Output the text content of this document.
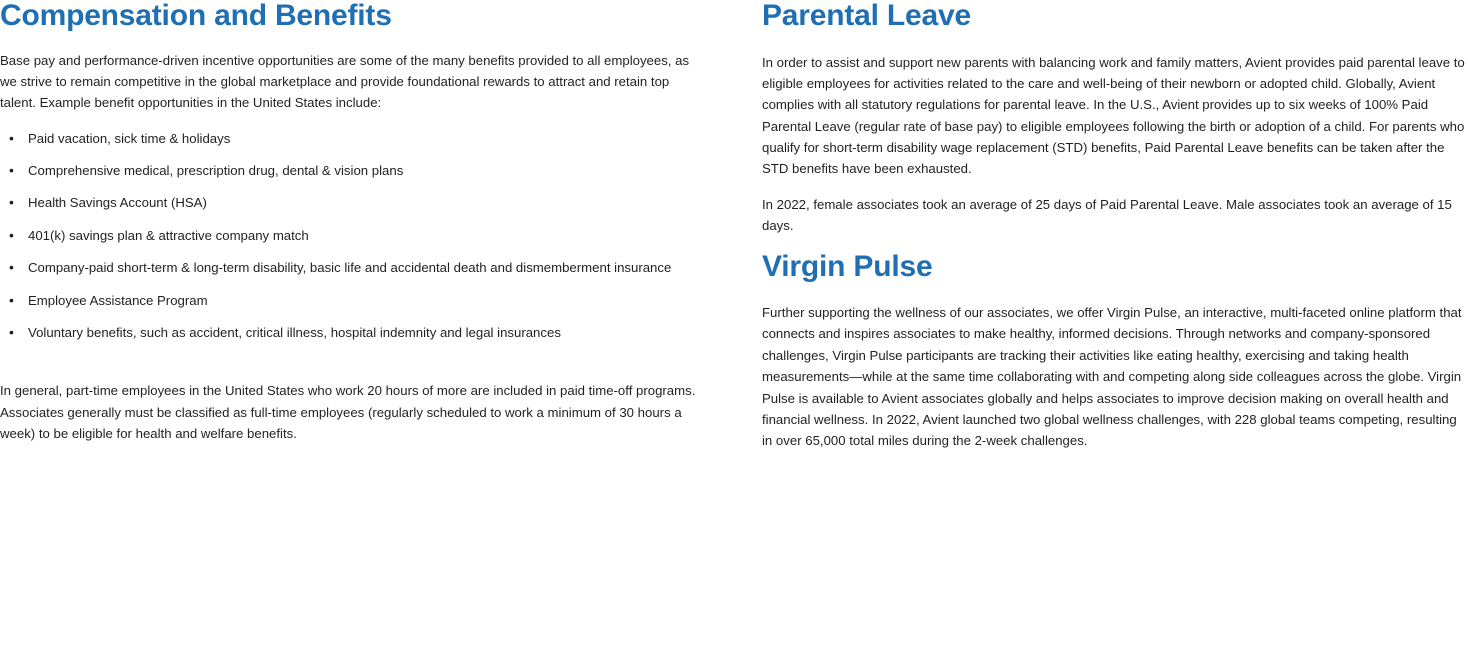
Compensation and Benefits

Base pay and performance-driven incentive opportunities are some of the many benefits provided to all employees, as we strive to remain competitive in the global marketplace and provide foundational rewards to attract and retain top talent. Example benefit opportunities in the United States include:

• Paid vacation, sick time & holidays
• Comprehensive medical, prescription drug, dental & vision plans
• Health Savings Account (HSA)
• 401(k) savings plan & attractive company match
• Company-paid short-term & long-term disability, basic life and accidental death and dismemberment insurance
• Employee Assistance Program
• Voluntary benefits, such as accident, critical illness, hospital indemnity and legal insurances

In general, part-time employees in the United States who work 20 hours of more are included in paid time-off programs. Associates generally must be classified as full-time employees (regularly scheduled to work a minimum of 30 hours a week) to be eligible for health and welfare benefits.

Parental Leave

In order to assist and support new parents with balancing work and family matters, Avient provides paid parental leave to eligible employees for activities related to the care and well-being of their newborn or adopted child. Globally, Avient complies with all statutory regulations for parental leave. In the U.S., Avient provides up to six weeks of 100% Paid Parental Leave (regular rate of base pay) to eligible employees following the birth or adoption of a child. For parents who qualify for short-term disability wage replacement (STD) benefits, Paid Parental Leave benefits can be taken after the STD benefits have been exhausted.

In 2022, female associates took an average of 25 days of Paid Parental Leave. Male associates took an average of 15 days.

Virgin Pulse

Further supporting the wellness of our associates, we offer Virgin Pulse, an interactive, multi-faceted online platform that connects and inspires associates to make healthy, informed decisions. Through networks and company-sponsored challenges, Virgin Pulse participants are tracking their activities like eating healthy, exercising and taking health measurements—while at the same time collaborating with and competing along side colleagues across the globe. Virgin Pulse is available to Avient associates globally and helps associates to improve decision making on overall health and financial wellness. In 2022, Avient launched two global wellness challenges, with 228 global teams competing, resulting in over 65,000 total miles during the 2-week challenges.
